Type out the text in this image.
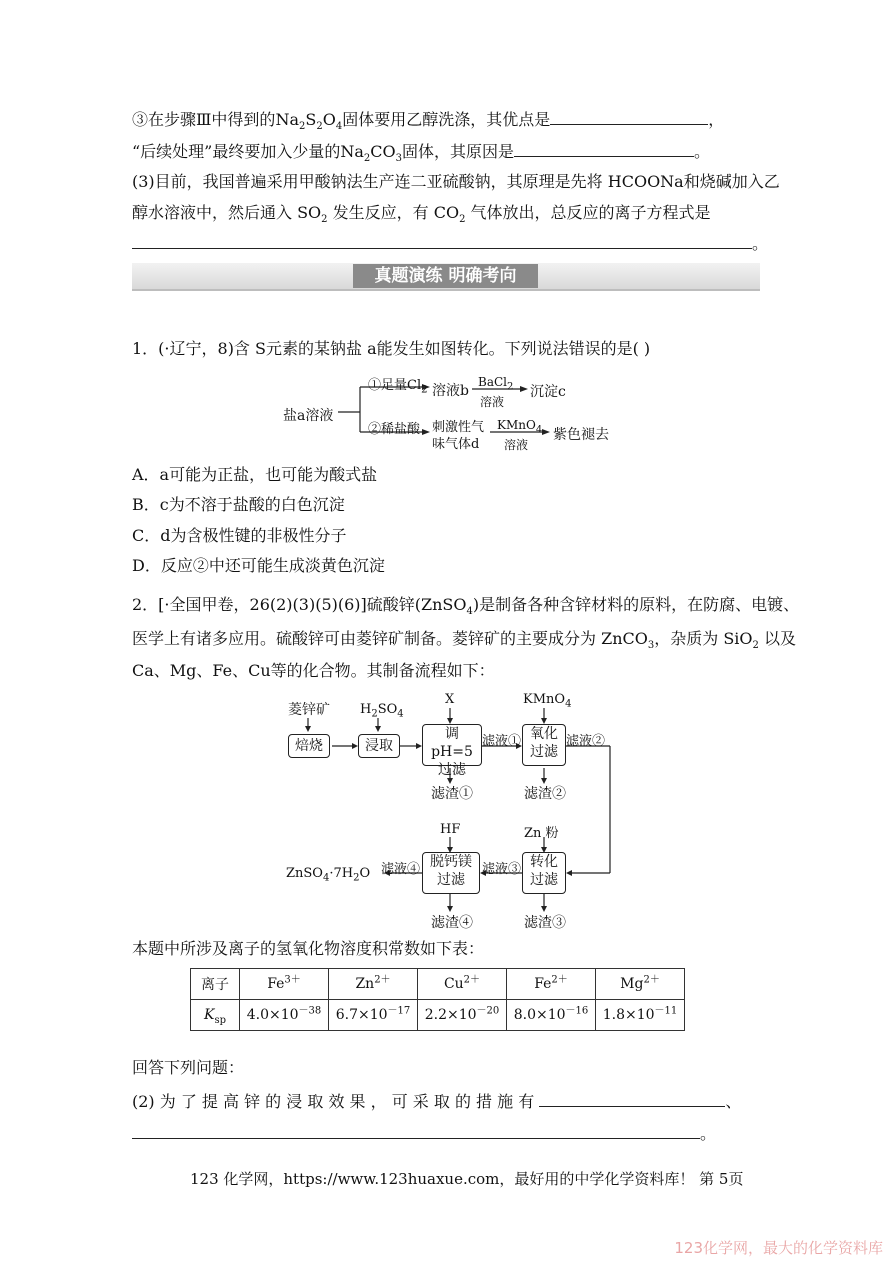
③在步骤Ⅲ中得到的$Na_2S_2O_4$固体要用乙醇洗涤，其优点是	，
“后续处理”最终要加入少量的$Na_2CO_3$固体，其原因是	。
(3)目前，我国普遍采用甲酸钠法生产连二亚硫酸钠，其原理是先将 HCOONa和烧碱加入乙
醇水溶液中，然后通入 $SO_2$ 发生反应，有 $CO_2$ 气体放出，总反应的离子方程式是
。
真题演练 明确考向
1．(·辽宁，8)含 S元素的某钠盐 a能发生如图转化。下列说法错误的是( )
盐a溶液
①足量$Cl_2$ 溶液b
BaCl$_2$
溶液
沉淀c
②稀盐酸 刺激性气
味气体d
KMnO$_4$
溶液
紫色褪去
A．a可能为正盐，也可能为酸式盐
B．c为不溶于盐酸的白色沉淀
C．d为含极性键的非极性分子
D．反应②中还可能生成淡黄色沉淀
2．[·全国甲卷，26(2)(3)(5)(6)]硫酸锌(ZnSO$_4$)是制备各种含锌材料的原料，在防腐、电镀、
医学上有诸多应用。硫酸锌可由菱锌矿制备。菱锌矿的主要成分为 ZnCO$_3$，杂质为 SiO$_2$ 以及
Ca、Mg、Fe、Cu等的化合物。其制备流程如下：
菱锌矿
焙烧
$H_2SO_4$
浸取
X
调 pH=5
过滤
滤液①
滤渣①
KMnO$_4$
氧化
过滤
滤液②
滤渣②
HF	Zn 粉
脱钙镁
过滤
转化
过滤
滤液③
滤液④
$ZnSO_4\cdot 7H_2O$
滤渣④	滤渣③
本题中所涉及离子的氢氧化物溶度积常数如下表：
离子	$Fe^{3+}$	$Zn^{2+}$	$Cu^{2+}$	$Fe^{2+}$	$Mg^{2+}$
$K_{sp}$	$4.0\times 10^{-38}$	$6.7\times 10^{-17}$	$2.2\times 10^{-20}$	$8.0\times 10^{-16}$	$1.8\times 10^{-11}$
回答下列问题：
(2) 为 了 提 高 锌 的 浸 取 效 果 ， 可 采 取 的 措 施 有	、
。
123 化学网，https://www.123huaxue.com，最好用的中学化学资料库！ 第 5页
123化学网，最大的化学资料库
